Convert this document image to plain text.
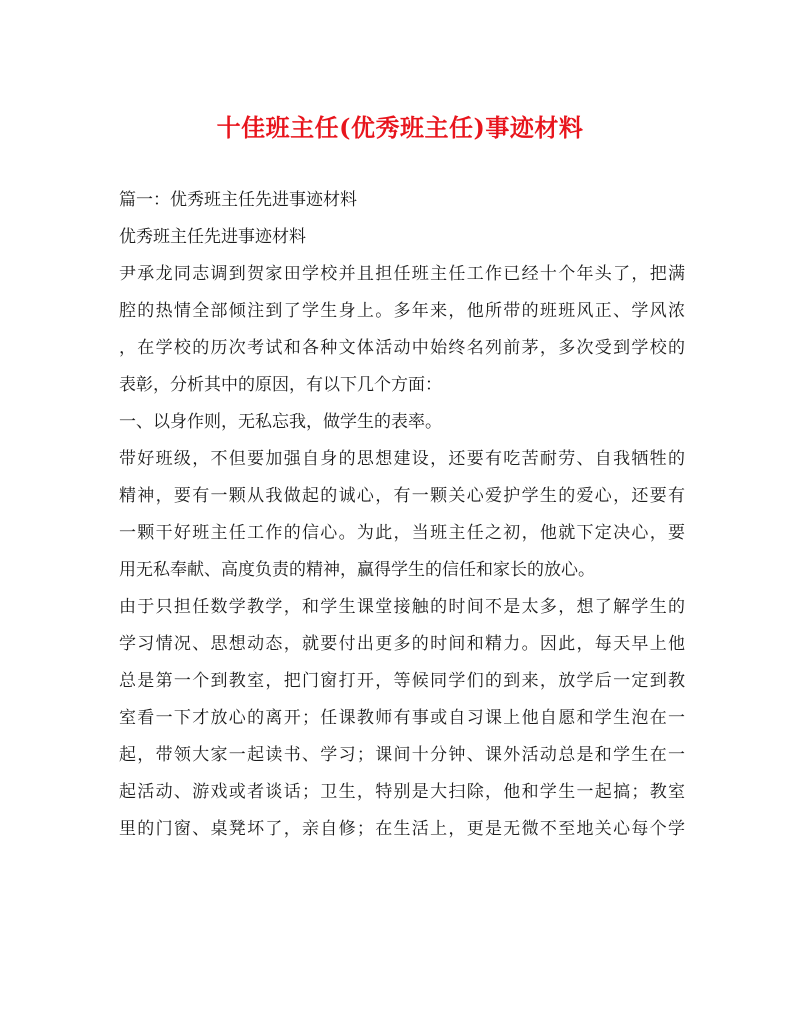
十佳班主任(优秀班主任)事迹材料
篇一：优秀班主任先进事迹材料
优秀班主任先进事迹材料
尹承龙同志调到贺家田学校并且担任班主任工作已经十个年头了，把满
腔的热情全部倾注到了学生身上。多年来，他所带的班班风正、学风浓
，在学校的历次考试和各种文体活动中始终名列前茅，多次受到学校的
表彰，分析其中的原因，有以下几个方面：
一、以身作则，无私忘我，做学生的表率。
带好班级，不但要加强自身的思想建设，还要有吃苦耐劳、自我牺牲的
精神，要有一颗从我做起的诚心，有一颗关心爱护学生的爱心，还要有
一颗干好班主任工作的信心。为此，当班主任之初，他就下定决心，要
用无私奉献、高度负责的精神，赢得学生的信任和家长的放心。
由于只担任数学教学，和学生课堂接触的时间不是太多，想了解学生的
学习情况、思想动态，就要付出更多的时间和精力。因此，每天早上他
总是第一个到教室，把门窗打开，等候同学们的到来，放学后一定到教
室看一下才放心的离开；任课教师有事或自习课上他自愿和学生泡在一
起，带领大家一起读书、学习；课间十分钟、课外活动总是和学生在一
起活动、游戏或者谈话；卫生，特别是大扫除，他和学生一起搞；教室
里的门窗、桌凳坏了，亲自修；在生活上，更是无微不至地关心每个学
